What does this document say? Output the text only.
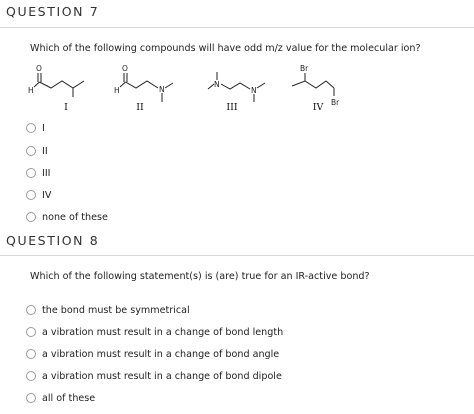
QUESTION 7
Which of the following compounds will have odd m/z value for the molecular ion?
O
H
O
H	N
N
N
Br
Br
I	II	III	IV
I
II
III
IV
none of these
QUESTION 8
Which of the following statement(s) is (are) true for an IR-active bond?
the bond must be symmetrical
a vibration must result in a change of bond length
a vibration must result in a change of bond angle
a vibration must result in a change of bond dipole
all of these
